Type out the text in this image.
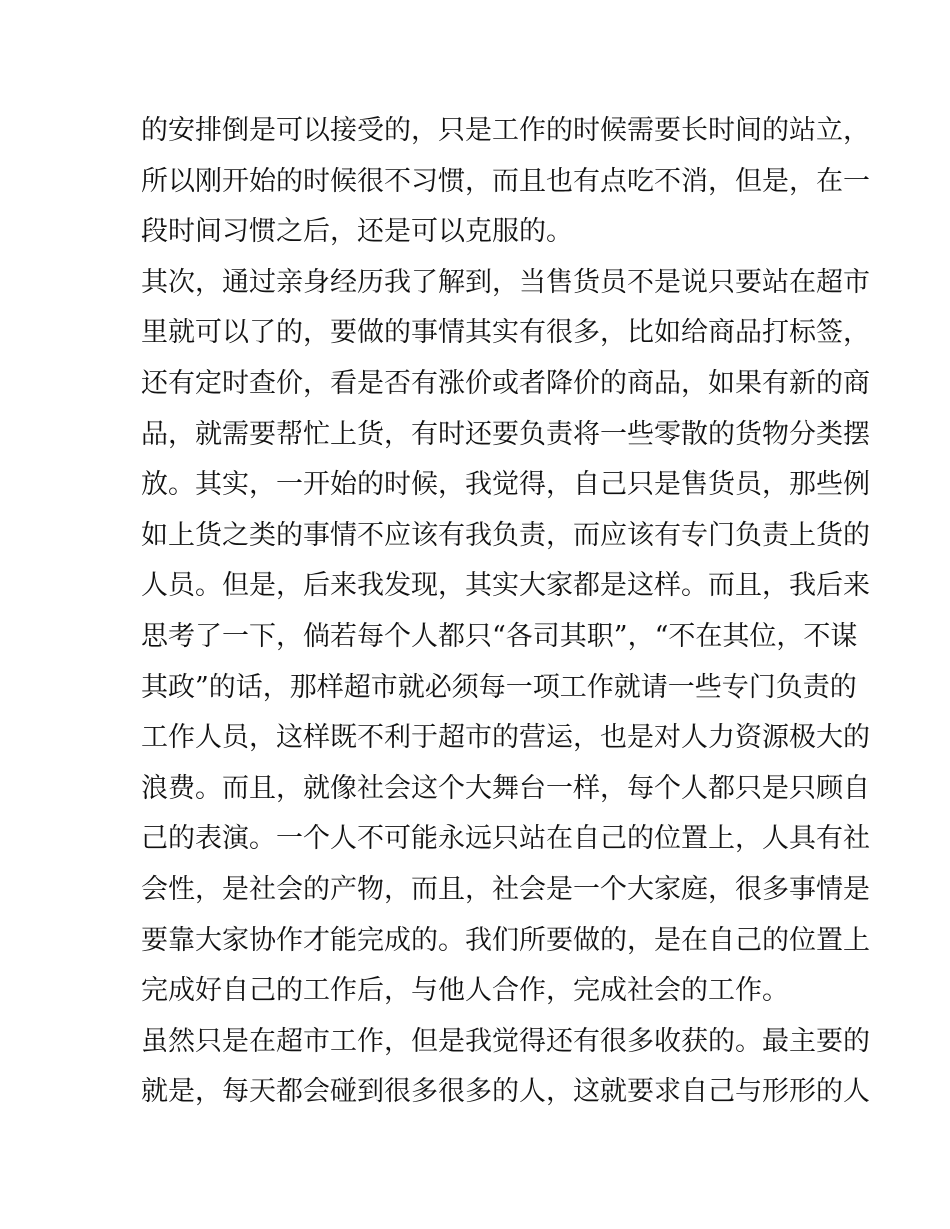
的安排倒是可以接受的，只是工作的时候需要长时间的站立，
所以刚开始的时候很不习惯，而且也有点吃不消，但是，在一
段时间习惯之后，还是可以克服的。
其次，通过亲身经历我了解到，当售货员不是说只要站在超市
里就可以了的，要做的事情其实有很多，比如给商品打标签，
还有定时查价，看是否有涨价或者降价的商品，如果有新的商
品，就需要帮忙上货，有时还要负责将一些零散的货物分类摆
放。其实，一开始的时候，我觉得，自己只是售货员，那些例
如上货之类的事情不应该有我负责，而应该有专门负责上货的
人员。但是，后来我发现，其实大家都是这样。而且，我后来
思考了一下，倘若每个人都只“各司其职”，“不在其位，不谋
其政”的话，那样超市就必须每一项工作就请一些专门负责的
工作人员，这样既不利于超市的营运，也是对人力资源极大的
浪费。而且，就像社会这个大舞台一样，每个人都只是只顾自
己的表演。一个人不可能永远只站在自己的位置上，人具有社
会性，是社会的产物，而且，社会是一个大家庭，很多事情是
要靠大家协作才能完成的。我们所要做的，是在自己的位置上
完成好自己的工作后，与他人合作，完成社会的工作。
虽然只是在超市工作，但是我觉得还有很多收获的。最主要的
就是，每天都会碰到很多很多的人，这就要求自己与形形的人
